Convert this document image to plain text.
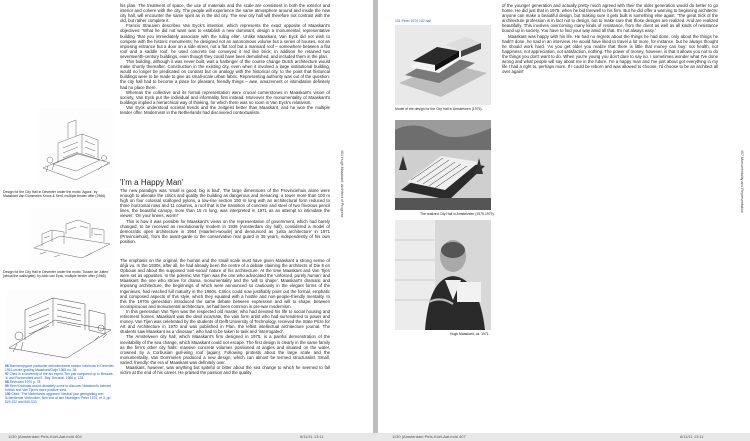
his plan. The treatment of space, the use of materials and the scale are consistent in both the exterior and interior and cohere with the city. The people will experience the same atmosphere around and inside the new city hall, will encounter the same spirit as in the old city. The new city hall will therefore not contrast with the old, but rather complete it.

Francis Strauven describes Van Eyck's intention, which represents the exact opposite of Maaskant's objectives: 'What he did not want was to establish a new dominant, design a monumental, representative building 'that you immediately associate with the ruling elite'. Unlike Maaskant, Van Eyck did not wish to compete with the historic monuments; he designed not an autonomous volume but a series of houses, not an imposing entrance but a door on a side street, not a flat roof but a mansard roof – somewhere between a flat roof and a saddle roof; he used concrete but conveyed it red like brick; in addition he retained two seventeenth-century buildings, even though they could have been demolished, and included them in the plan.

This building, although it was never built, was a harbinger of the course change Dutch architecture would make shortly thereafter. Construction in the existing city, even when it involved a large institutional building, would no longer be predicated on contrast but on analogy with the historical city, to the point that historical buildings were to be made to give as small-scale urban fabric. Representing authority was out of the question: the city hall had to become a place for pleasant, friendly things – awe, amazement or intimidation definitely had no place there.

Whereas the collective and its formal representation were crucial cornerstones in Maaskant's vision of society, Van Eyck put the individual and informality first instead. Moreover the monumentality of Maaskant's buildings implied a hierarchical way of thinking, for which there was no room in Van Eyck's relativism.

Van Eyck understood societal trends and the zeitgeist better than Maaskant, and he won the multiple tender offer. Modernism in the Netherlands had discovered contextualism.

'I'm a Happy Man'

The new paradigm was 'small is good, big is bad'. The large dimensions of the Provinciehuis alone were enough to alienate the critics and quality the building as dangerous and menacing: a tower more than 100 m high on four colossal scalloped pylons, a low-rise section 150 m long with an architectural form reduced to three horizontal rows and 11 columns, a roof that is the transition of concrete and steel of two frivolous pencil lines, the beautiful canopy, more than 15 m long, was interpreted in 1971 as an attempt to intimidate the viewer: 'On your knees, worm!'

This is how it was possible for Maaskant's views on the representation of government, which had barely changed, to be received as revolutionarily modern in 1936 (Amsterdam city hall), considered a model of democratic open architecture in 1964 (Haarlem-woude) and denounced as 'junta architecture' in 1971 (Provinciehuis), from the avant-garde to the conservative rear guard in 35 years, independently of his own position.

The emphasis on the original, the human and the small scale must have given Maaskant a strong sense of déjà vu. In the 1930s, after all, he had already been the centre of a debate claiming the architects of Die 8 en Opbouw and about the supposed 'anti-social' nature of his architecture. At the time Maaskant and Van Tijen were set as opposites. In the polemic Van Tijen was the one who advocated the 'unforced, purely human' and Maaskant the one who strove for drama, monumentality and the 'will to shape'. Maaskant's dramatic and imposing architecture, the beginnings of which were announced so cautiously in the elegant forms of the Ingenieurs, had reached full maturity in the 1960s. Critics could now justifiably point out the formal, emphatic and composed aspects of this style, which they equated with a hostile and non-people-friendly mentality. In this the 1970s generation introduced the same debate between expression and will to shape; between inconspicuous and monumental architecture, as had been common in pre-war modernism.

In this generation Van Tijen was the respected old master, who had devoted his life to social housing and retirement homes. Maaskant was the devil incarnate, the vain form artist who had surrendered to power and money. Van Tijen was celebrated by the students of Delft University of Technology, received the State Prize for Art and Architecture in 1970 and was published in Plan, the leftist intellectual architecture journal. The students saw Maaskant as a 'dinosaur', who had to be taken to task and 'interrogated'.

The Amstelveen city hall, which Maaskant's firm designed in 1975, is a painful demonstration of the inevitability of the sea change, which Maaskant could not escape. The first design is clearly in the same family as the firm's other city halls: massive concrete volumes positioned at angles and situated on the water, crowned by a Corbusian gull-wing roof (again). Following protests about the large scale and the monumentality, Van Dommelen produced a new design, which can almost be termed structuralist. Small, varied, friendly: the era of Maaskant was definitely over.

Maaskant, however, was anything but spiteful or bitter about the sea change to which he seemed to fall victim at the end of his career. He praised the passion and the quality

Design for the City Hall in Deventer under the motto 'Agora', by Maaskant Van Dommelen Kroos & Senf, multiple tender offer (1966).
Design for the City Hall in Deventer under the motto 'Tussen de Jutten' (about the walls/gate), by Aldo van Eyck, multiple tender offer (1966).
96 Mannenopgave particulier dekrokenbeest manier huishouw in Deventer, 1961-onzee grading Maaskant/Duijn 1965 no. 36.
97 Cited in a university of the arc expert 'Ten pas compared op to Bessale, 'a' and Ronnendahl and E. Bay. Decorial. 1966 p. 128.
98 Revisions 1970 p. 78.
99 Rem Koolhaas would ultimately come to discover Maaskant's tolerant fuhrish and Van Tijen's more positive view.
100 Cited: 'The Nederlands opgraven' Neutral' jaar gemigrating ann Schentlende Verbruiken, Neo zou at ben Nwewgen 'Peter 1976, nr 3, pp. 529-232 and 565-533.
404 Hugh Maaskant: Architect of Progress
101 Penn 1970 102 hall
Model of the design for the City Hall in Amstelveen (1975).
The realized City Hall in Amstelveen (1975-1979).
Hugh Maaskant, ca. 1971.

of the younger generation and actually pretty much agreed with their the older generation would do better to go home. He did just that in 1975, when he bid farewell to his firm. But he did offer a warning to beginning architects: anyone can make a beautiful design, but making sure it gets built is something else again: 'The great trick of the architecture profession is in fact not to design, but to make sure that those designs are realized. And are realized beautifully. This involves overcoming many kinds of resistance, from the client as well as all kinds of resistance bound up in society. You have to find your way amid all that. It's not always easy.'

Maaskant was happy with his life. He had no regrets about the things he had done, only about the things he hadn't done, he said in an interview. He would have liked to travel a lot more, for instance, but he always thought he should work hard. 'As you get older you realize that there is little that money can buy: not health, not happiness, not appreciation, not satisfaction, nothing. The power of money, however, is that it allows you not to do the things you don't want to do. When you're young you don't dare to say no. I sometimes wonder what I've done wrong and what people will say about me in the future. I'm a happy man and I've just about got everything in my life I had a right to, perhaps more. If I could be reborn and was allowed to choose, I'd choose to be an architect all over again!'

407 Monumentality and Representation
1130 (Amsterdam Pets-Koel-Aat.indd 404	8/11/11 13:11	1130 (Amsterdam Pets-Koel-Aat.indd 407	8/11/11 13:11
